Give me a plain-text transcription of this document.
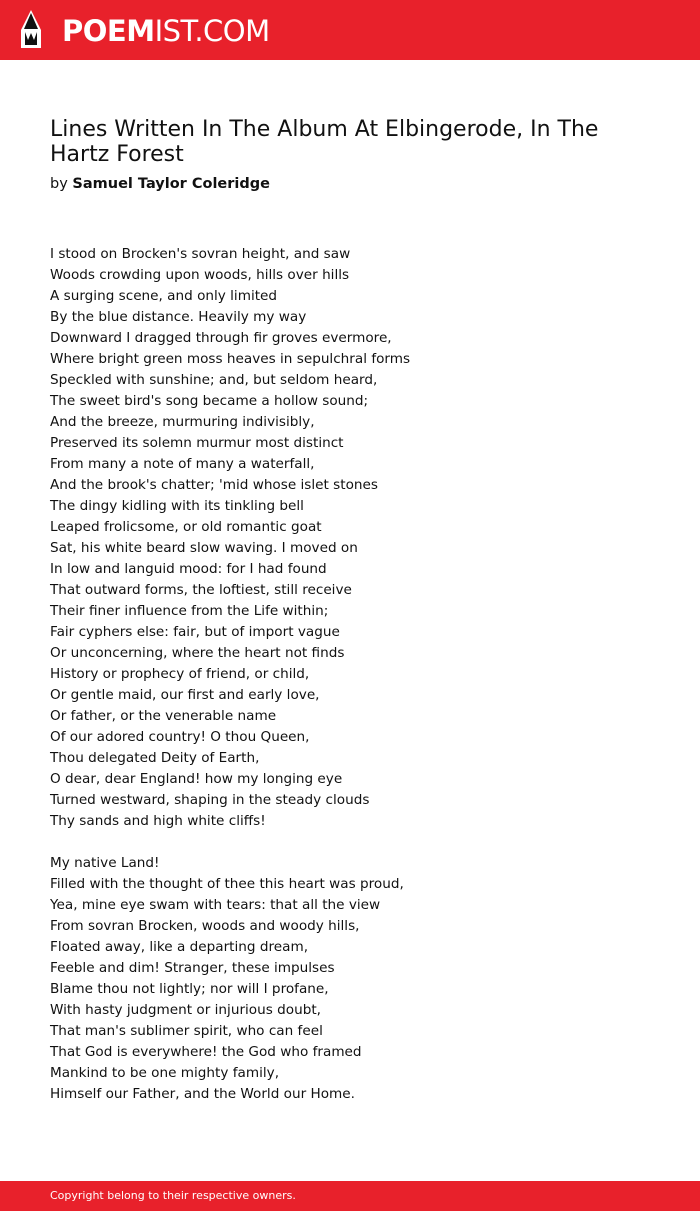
POEMIST.COM
Lines Written In The Album At Elbingerode, In The Hartz Forest
by Samuel Taylor Coleridge
I stood on Brocken's sovran height, and saw
Woods crowding upon woods, hills over hills
A surging scene, and only limited
By the blue distance. Heavily my way
Downward I dragged through fir groves evermore,
Where bright green moss heaves in sepulchral forms
Speckled with sunshine; and, but seldom heard,
The sweet bird's song became a hollow sound;
And the breeze, murmuring indivisibly,
Preserved its solemn murmur most distinct
From many a note of many a waterfall,
And the brook's chatter; 'mid whose islet stones
The dingy kidling with its tinkling bell
Leaped frolicsome, or old romantic goat
Sat, his white beard slow waving. I moved on
In low and languid mood: for I had found
That outward forms, the loftiest, still receive
Their finer influence from the Life within;
Fair cyphers else: fair, but of import vague
Or unconcerning, where the heart not finds
History or prophecy of friend, or child,
Or gentle maid, our first and early love,
Or father, or the venerable name
Of our adored country! O thou Queen,
Thou delegated Deity of Earth,
O dear, dear England! how my longing eye
Turned westward, shaping in the steady clouds
Thy sands and high white cliffs!
My native Land!
Filled with the thought of thee this heart was proud,
Yea, mine eye swam with tears: that all the view
From sovran Brocken, woods and woody hills,
Floated away, like a departing dream,
Feeble and dim! Stranger, these impulses
Blame thou not lightly; nor will I profane,
With hasty judgment or injurious doubt,
That man's sublimer spirit, who can feel
That God is everywhere! the God who framed
Mankind to be one mighty family,
Himself our Father, and the World our Home.
Copyright belong to their respective owners.
